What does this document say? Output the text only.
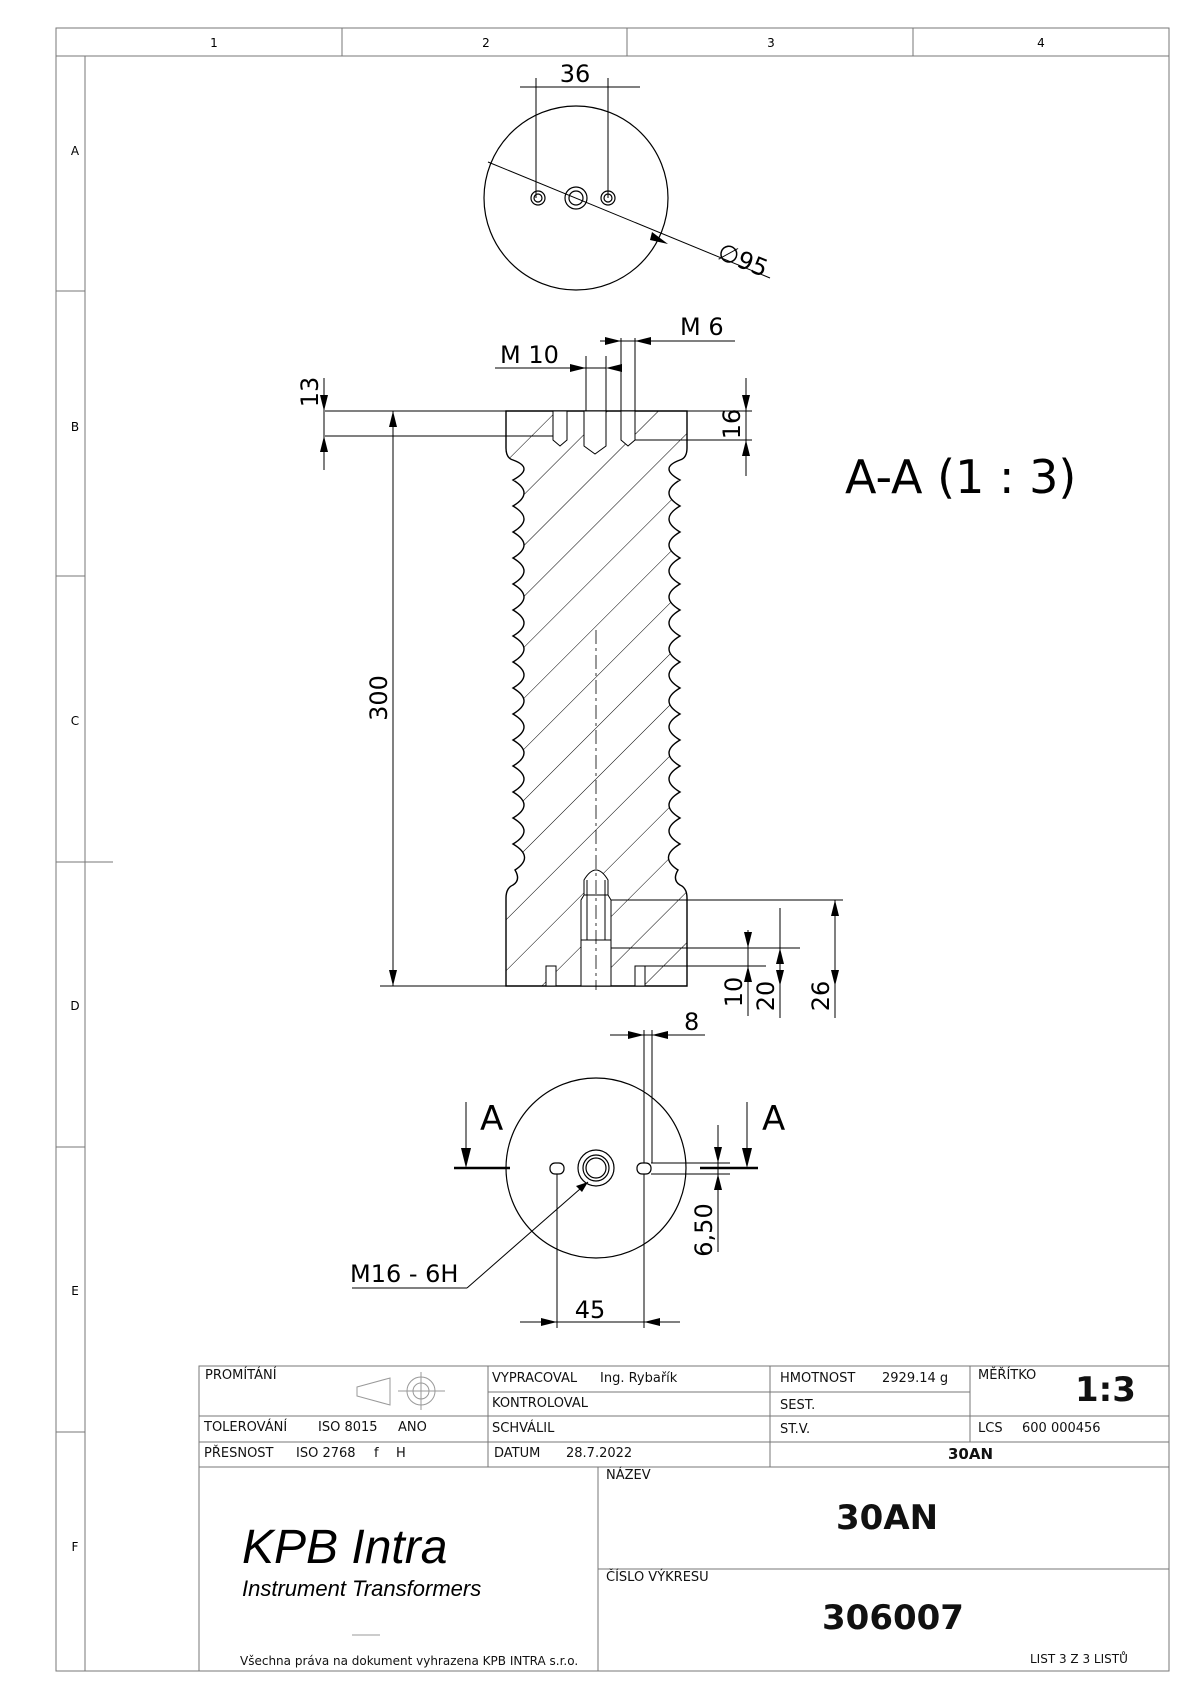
1	2	3	4
A
B
C
D
E
F
36
∅95
M 10
M 6
13
16
300
10 20 26
A-A (1 : 3)
8
6,50
45
M16 - 6H
A	A
PROMÍTÁNÍ
TOLEROVÁNÍ ISO 8015 ANO
PŘESNOST ISO 2768 f H
VYPRACOVAL Ing. Rybařík
KONTROLOVAL
SCHVÁLIL
DATUM 28.7.2022
HMOTNOST 2929.14 g
SEST.
ST.V.
MĚŘÍTKO 1:3
LCS 600 000456
30AN
NÁZEV
30AN
ČÍSLO VÝKRESU
306007
LIST 3 Z 3 LISTŮ
KPB Intra
Instrument Transformers
Všechna práva na dokument vyhrazena KPB INTRA s.r.o.
